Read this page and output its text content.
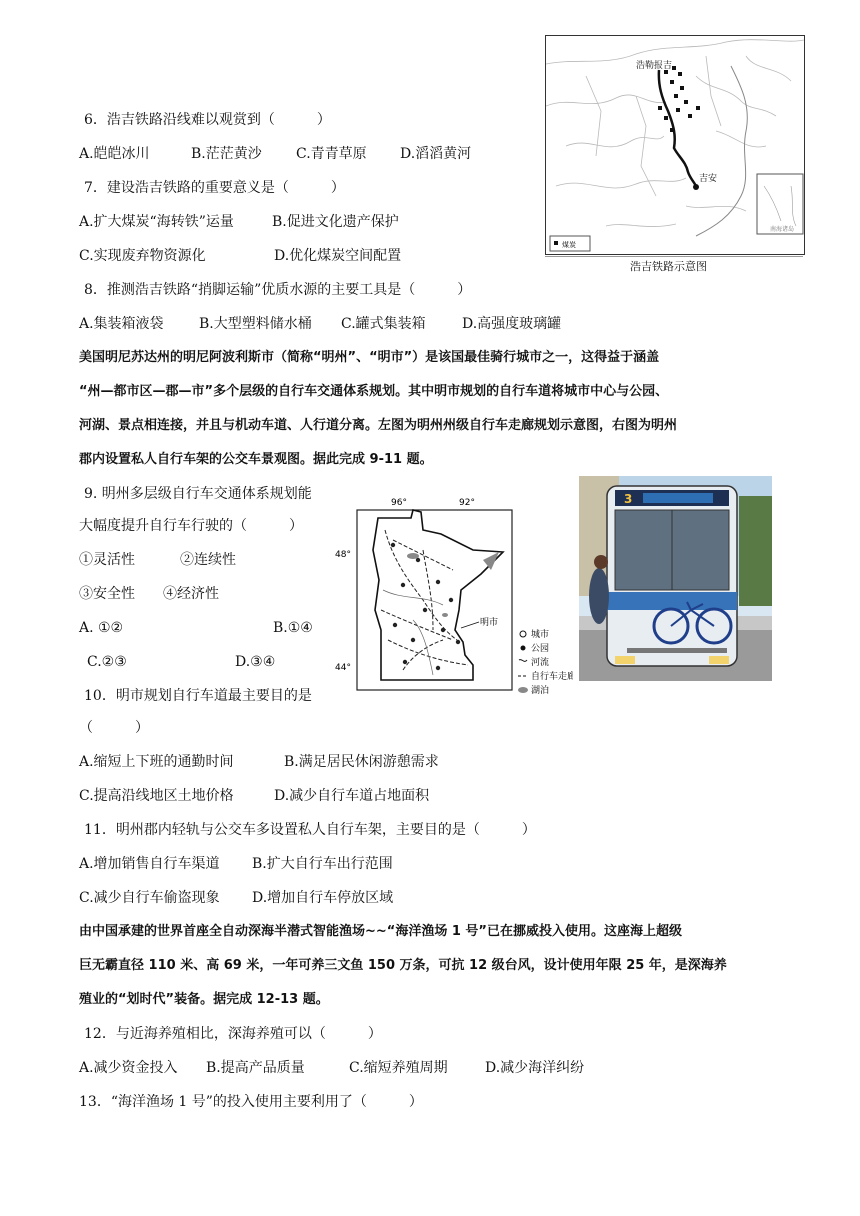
浩勒报吉
吉安
南海诸岛
煤炭
浩吉铁路示意图
6．浩吉铁路沿线难以观赏到（　　　）
A.皑皑冰川	B.茫茫黄沙 C.青青草原 D.滔滔黄河
7．建设浩吉铁路的重要意义是（　　　）
A.扩大煤炭“海转铁”运量	B.促进文化遗产保护
C.实现废弃物资源化	D.优化煤炭空间配置
8．推测浩吉铁路“捎脚运输”优质水源的主要工具是（　　　）
A.集装箱液袋	B.大型塑料储水桶 C.罐式集装箱	D.高强度玻璃罐
美国明尼苏达州的明尼阿波利斯市（简称“明州”、“明市”）是该国最佳骑行城市之一，这得益于涵盖
“州—都市区—郡—市”多个层级的自行车交通体系规划。其中明市规划的自行车道将城市中心与公园、
河湖、景点相连接，并且与机动车道、人行道分离。左图为明州州级自行车走廊规划示意图，右图为明州
郡内设置私人自行车架的公交车景观图。据此完成 9-11 题。
9. 明州多层级自行车交通体系规划能
大幅度提升自行车行驶的（　　　）
①灵活性	②连续性
③安全性 ④经济性
A. ①②	B.①④
C.②③	D.③④
96°	92°
48°
44°
明市
城市
公园
河流
自行车走廊
湖泊
3
10．明市规划自行车道最主要目的是
（　　　）
A.缩短上下班的通勤时间	B.满足居民休闲游憩需求
C.提高沿线地区土地价格	D.减少自行车道占地面积
11．明州郡内轻轨与公交车多设置私人自行车架，主要目的是（　　　）
A.增加销售自行车渠道 B.扩大自行车出行范围
C.减少自行车偷盗现象 D.增加自行车停放区域
由中国承建的世界首座全自动深海半潜式智能渔场~~“海洋渔场 1 号”已在挪威投入使用。这座海上超级
巨无霸直径 110 米、高 69 米，一年可养三文鱼 150 万条，可抗 12 级台风，设计使用年限 25 年，是深海养
殖业的“划时代”装备。据完成 12-13 题。
12．与近海养殖相比，深海养殖可以（　　　）
A.减少资金投入 B.提高产品质量	C.缩短养殖周期	D.减少海洋纠纷
13．“海洋渔场 1 号”的投入使用主要利用了（　　　）
